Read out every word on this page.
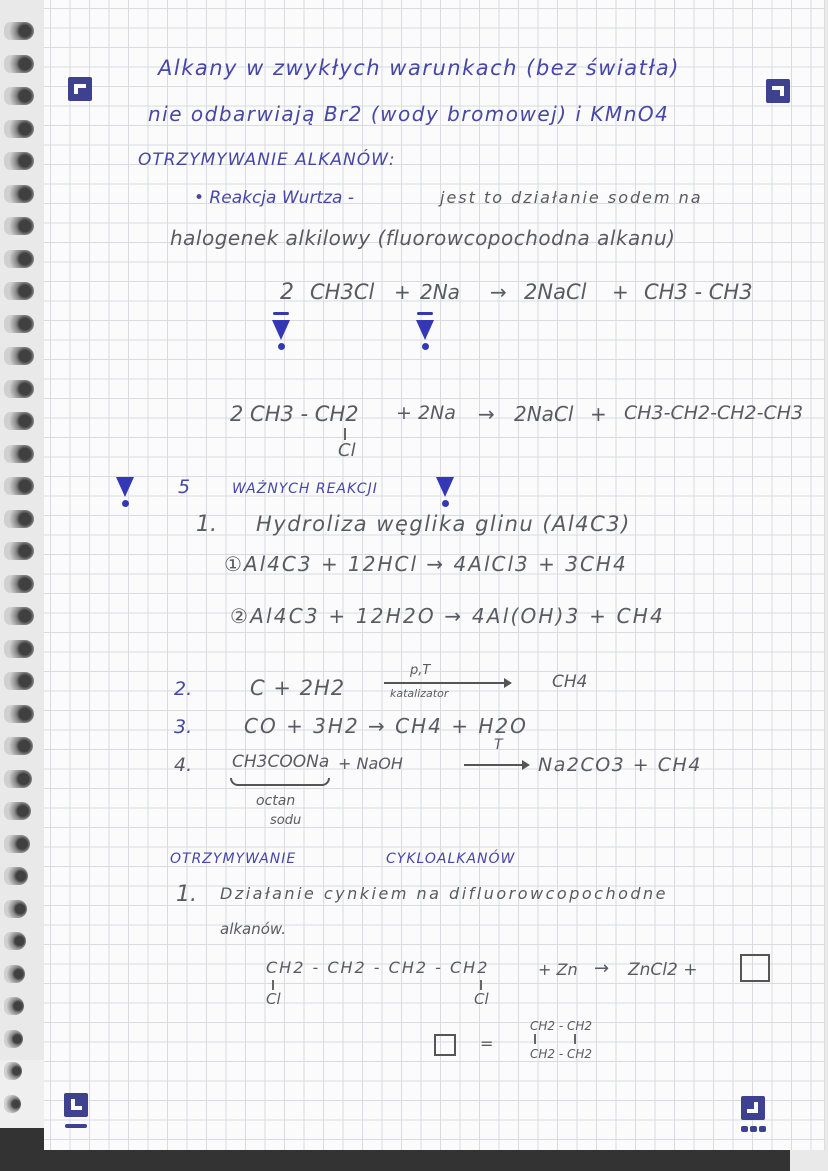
Alkany w zwykłych warunkach (bez światła)
nie odbarwiają Br2 (wody bromowej) i KMnO4
OTRZYMYWANIE ALKANÓW:
• Reakcja Wurtza -	jest to działanie sodem na
halogenek alkilowy (fluorowcopochodna alkanu)
2 CH3Cl + 2Na → 2NaCl + CH3 - CH3
2 CH3 - CH2
Cl
+ 2Na → 2NaCl + CH3-CH2-CH2-CH3
5	WAŻNYCH REAKCJI
1. Hydroliza węglika glinu (Al4C3)
①Al4C3 + 12HCl → 4AlCl3 + 3CH4
②Al4C3 + 12H2O → 4Al(OH)3 + CH4
2.	C + 2H2
p,T
katalizator
CH4
3.	CO + 3H2 → CH4 + H2O
4. CH3COONa
octan
sodu
+ NaOH
T
→ Na2CO3 + CH4
OTRZYMYWANIE	CYKLOALKANÓW
1. Działanie cynkiem na difluorowcopochodne
alkanów.
CH2 - CH2 - CH2 - CH2
Cl	Cl
+ Zn → ZnCl2 +
=
CH2 - CH2
CH2 - CH2
